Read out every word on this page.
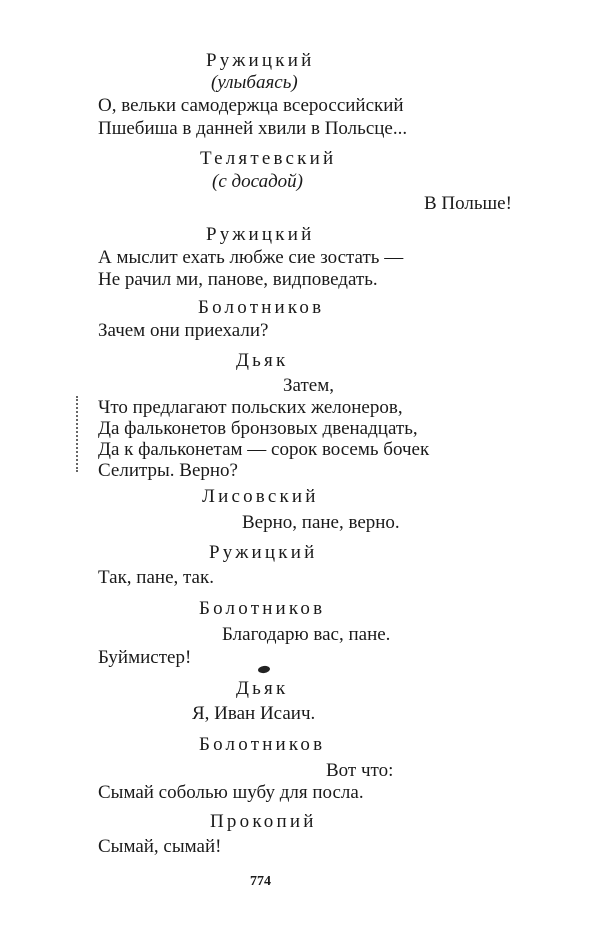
Ружицкий
(улыбаясь)
О, вельки самодержца всероссийский
Пшебиша в данней хвили в Польсце...
Телятевский
(с досадой)
В Польше!
Ружицкий
А мыслит ехать любже сие зостать —
Не рачил ми, панове, видповедать.
Болотников
Зачем они приехали?
Дьяк
Затем,
Что предлагают польских желонеров,
Да фальконетов бронзовых двенадцать,
Да к фальконетам — сорок восемь бочек
Селитры. Верно?
Лисовский
Верно, пане, верно.
Ружицкий
Так, пане, так.
Болотников
Благодарю вас, пане.
Буймистер!
Дьяк
Я, Иван Исаич.
Болотников
Вот что:
Сымай соболью шубу для посла.
Прокопий
Сымай, сымай!
774
